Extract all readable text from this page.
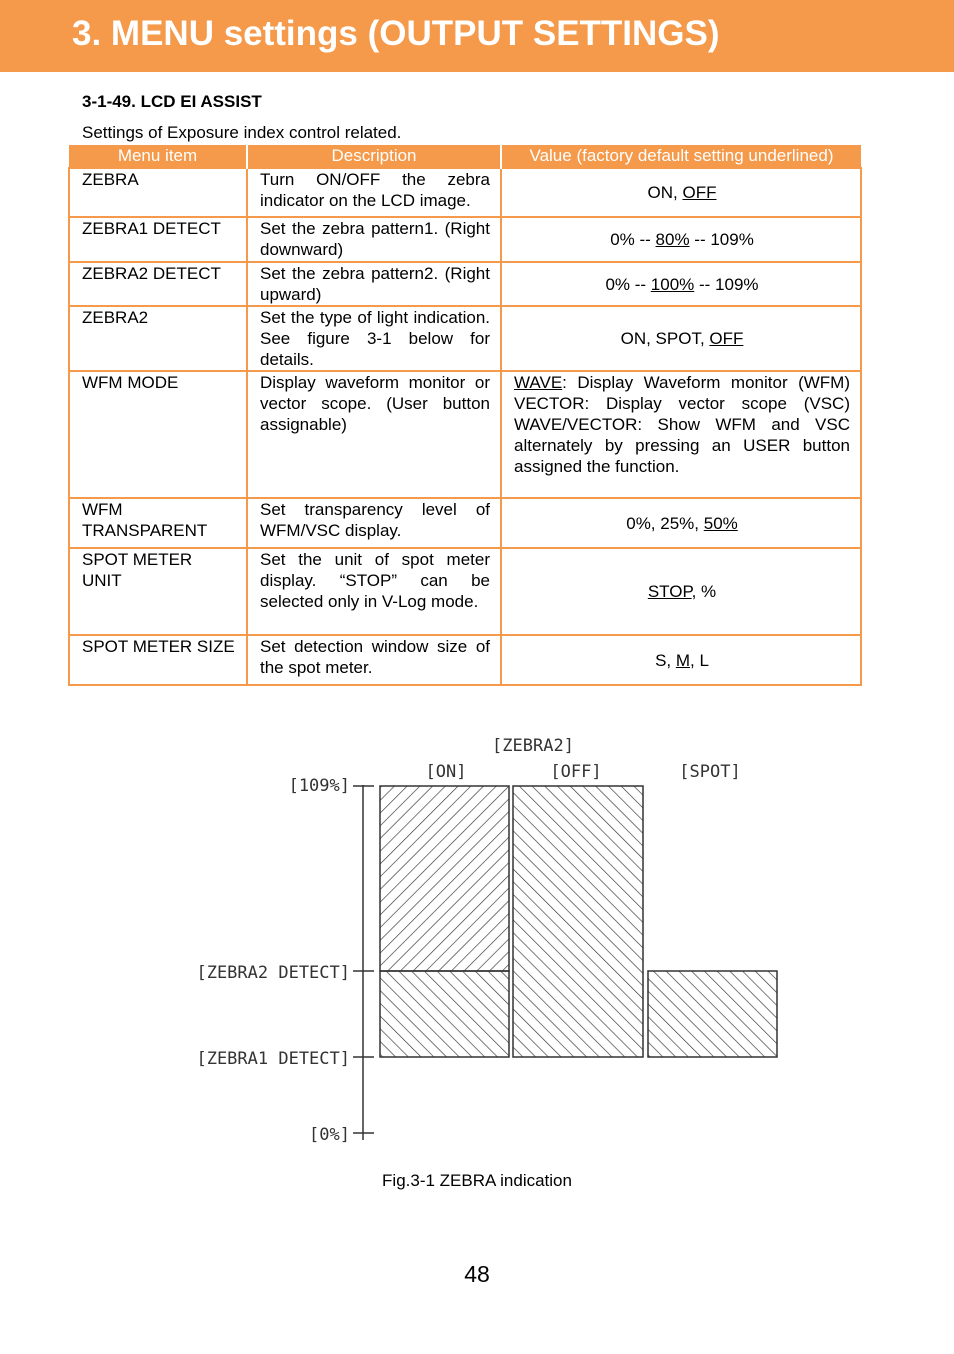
3. MENU settings (OUTPUT SETTINGS)
3-1-49. LCD EI ASSIST
Settings of Exposure index control related.
Menu item	Description	Value (factory default setting underlined)
ZEBRA	Turn ON/OFF the zebra indicator on the LCD image.	ON, OFF
ZEBRA1 DETECT	Set the zebra pattern1. (Right downward)	0% -- 80% -- 109%
ZEBRA2 DETECT	Set the zebra pattern2. (Right upward)	0% -- 100% -- 109%
ZEBRA2	Set the type of light indication. See figure 3-1 below for details.	ON, SPOT, OFF
WFM MODE	Display waveform monitor or vector scope. (User button assignable)	WAVE: Display Waveform monitor (WFM) VECTOR: Display vector scope (VSC) WAVE/VECTOR: Show WFM and VSC alternately by pressing an USER button assigned the function.
WFM TRANSPARENT	Set transparency level of WFM/VSC display.	0%, 25%, 50%
SPOT METER UNIT	Set the unit of spot meter display. “STOP” can be selected only in V-Log mode.	STOP, %
SPOT METER SIZE	Set detection window size of the spot meter.	S, M, L
[ZEBRA2]
[ON]	[OFF]	[SPOT]
[109%]
[ZEBRA2 DETECT]
[ZEBRA1 DETECT]
[0%]
Fig.3-1 ZEBRA indication
48
